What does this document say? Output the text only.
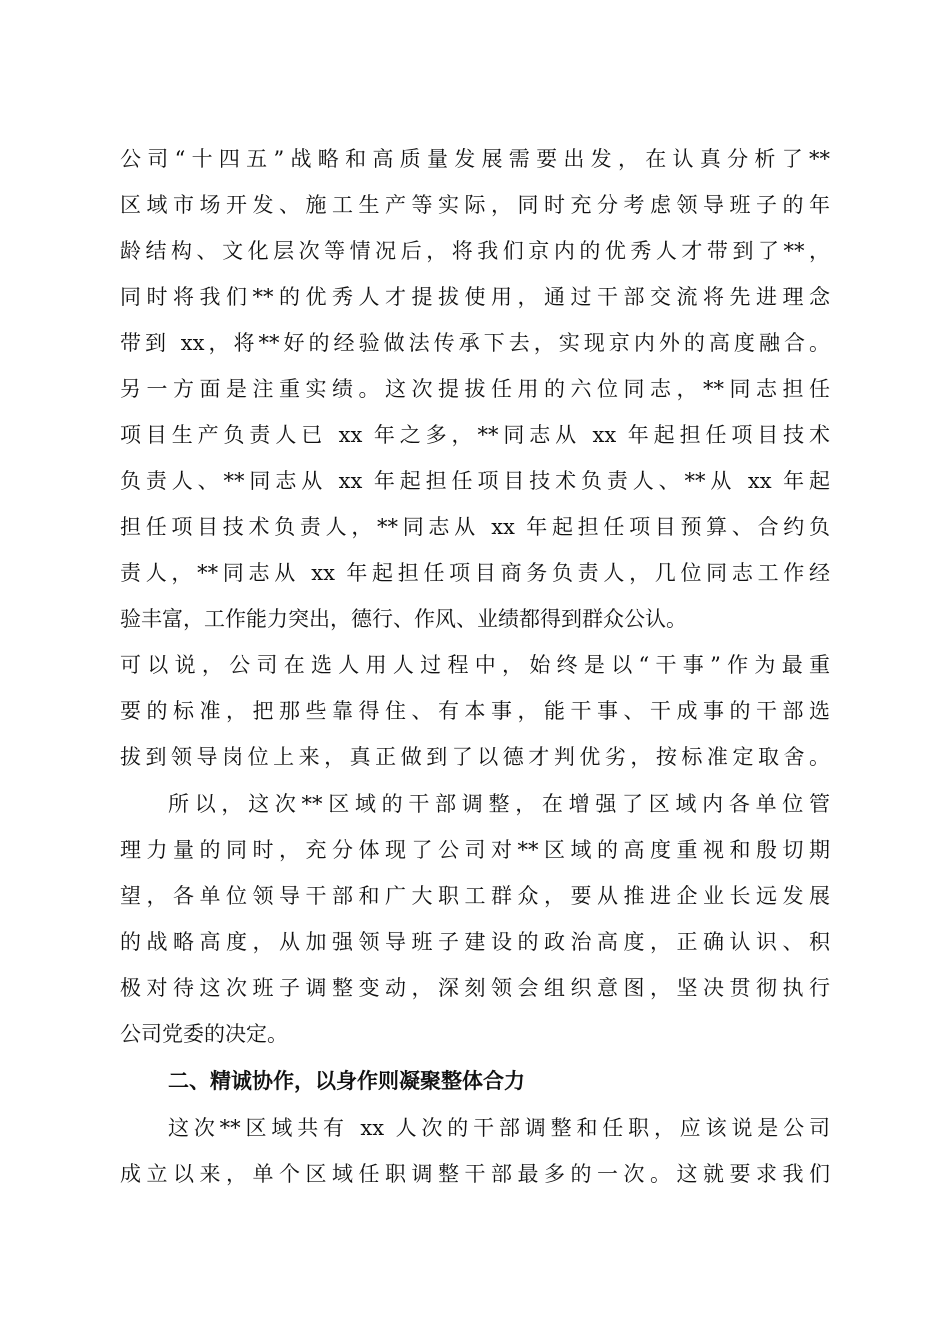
公司“十四五”战略和高质量发展需要出发，在认真分析了**
区域市场开发、施工生产等实际，同时充分考虑领导班子的年
龄结构、文化层次等情况后，将我们京内的优秀人才带到了**，
同时将我们**的优秀人才提拔使用，通过干部交流将先进理念
带到 xx，将**好的经验做法传承下去，实现京内外的高度融合。
另一方面是注重实绩。这次提拔任用的六位同志，**同志担任
项目生产负责人已 xx 年之多，**同志从 xx 年起担任项目技术
负责人、**同志从 xx 年起担任项目技术负责人、**从 xx 年起
担任项目技术负责人，**同志从 xx 年起担任项目预算、合约负
责人，**同志从 xx 年起担任项目商务负责人，几位同志工作经
验丰富，工作能力突出，德行、作风、业绩都得到群众公认。
可以说，公司在选人用人过程中，始终是以“干事”作为最重
要的标准，把那些靠得住、有本事，能干事、干成事的干部选
拔到领导岗位上来，真正做到了以德才判优劣，按标准定取舍。
所以，这次**区域的干部调整，在增强了区域内各单位管
理力量的同时，充分体现了公司对**区域的高度重视和殷切期
望，各单位领导干部和广大职工群众，要从推进企业长远发展
的战略高度，从加强领导班子建设的政治高度，正确认识、积
极对待这次班子调整变动，深刻领会组织意图，坚决贯彻执行
公司党委的决定。
二、精诚协作，以身作则凝聚整体合力
这次**区域共有 xx 人次的干部调整和任职，应该说是公司
成立以来，单个区域任职调整干部最多的一次。这就要求我们
